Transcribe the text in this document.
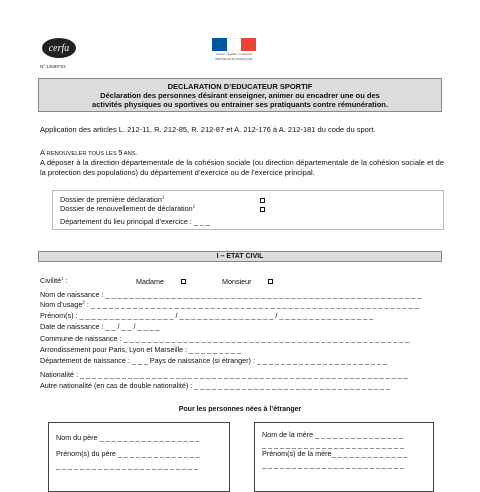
cerfa
N° 12699*03
Liberté • Égalité • Fraternité
RÉPUBLIQUE FRANÇAISE
DECLARATION D’EDUCATEUR SPORTIF
Déclaration des personnes désirant enseigner, animer ou encadrer une ou des
activités physiques ou sportives ou entrainer ses pratiquants contre rémunération.
Application des articles L. 212-11, R. 212-85, R. 212-87 et A. 212-176 à A. 212-181 du code du sport.
A RENOUVELER TOUS LES 5 ANS.
A déposer à la direction départementale de la cohésion sociale (ou direction départementale de la cohésion sociale et de la protection des populations) du département d’exercice ou de l’exercice principal.
Dossier de première déclaration$^1$
Dossier de renouvellement de déclaration$^1$
Département du lieu principal d’exercice : _ _ _
I – ETAT CIVIL
Civilité$^1$ :	Madame	Monsieur
Nom de naissance : _ _ _ _ _ _ _ _ _ _ _ _ _ _ _ _ _ _ _ _ _ _ _ _ _ _ _ _ _ _ _ _ _ _ _ _ _ _ _ _ _ _ _ _ _ _ _ _ _ _ _ _ _
Nom d’usage$^2$ : _ _ _ _ _ _ _ _ _ _ _ _ _ _ _ _ _ _ _ _ _ _ _ _ _ _ _ _ _ _ _ _ _ _ _ _ _ _ _ _ _ _ _ _ _ _ _ _ _ _ _ _ _ _ _
Prénom(s) : _ _ _ _ _ _ _ _ _ _ _ _ _ _ _ _ / _ _ _ _ _ _ _ _ _ _ _ _ _ _ _ _ / _ _ _ _ _ _ _ _ _ _ _ _ _ _ _ _
Date de naissance : _ _ / _ _ / _ _ _ _
Commune de naissance : _ _ _ _ _ _ _ _ _ _ _ _ _ _ _ _ _ _ _ _ _ _ _ _ _ _ _ _ _ _ _ _ _ _ _ _ _ _ _ _ _ _ _ _ _ _ _ _
Arrondissement pour Paris, Lyon et Marseille : _ _ _ _ _ _ _ _ _
Département de naissance : _ _ _ Pays de naissance (si étranger) : _ _ _ _ _ _ _ _ _ _ _ _ _ _ _ _ _ _ _ _ _ _
Nationalité : _ _ _ _ _ _ _ _ _ _ _ _ _ _ _ _ _ _ _ _ _ _ _ _ _ _ _ _ _ _ _ _ _ _ _ _ _ _ _ _ _ _ _ _ _ _ _ _ _ _ _ _ _ _ _
Autre nationalité (en cas de double nationalité) : _ _ _ _ _ _ _ _ _ _ _ _ _ _ _ _ _ _ _ _ _ _ _ _ _ _ _ _ _ _ _ _ _
Pour les personnes nées à l’étranger
Nom du père _ _ _ _ _ _ _ _ _ _ _ _ _ _ _ _ _
Prénom(s) du père _ _ _ _ _ _ _ _ _ _ _ _ _ _
_ _ _ _ _ _ _ _ _ _ _ _ _ _ _ _ _ _ _ _ _ _ _ _
Nom de la mère _ _ _ _ _ _ _ _ _ _ _ _ _ _ _
_ _ _ _ _ _ _ _ _ _ _ _ _ _ _ _ _ _ _ _ _ _ _ _
Prénom(s) de la mère_ _ _ _ _ _ _ _ _ _ _ _ _
_ _ _ _ _ _ _ _ _ _ _ _ _ _ _ _ _ _ _ _ _ _ _ _
